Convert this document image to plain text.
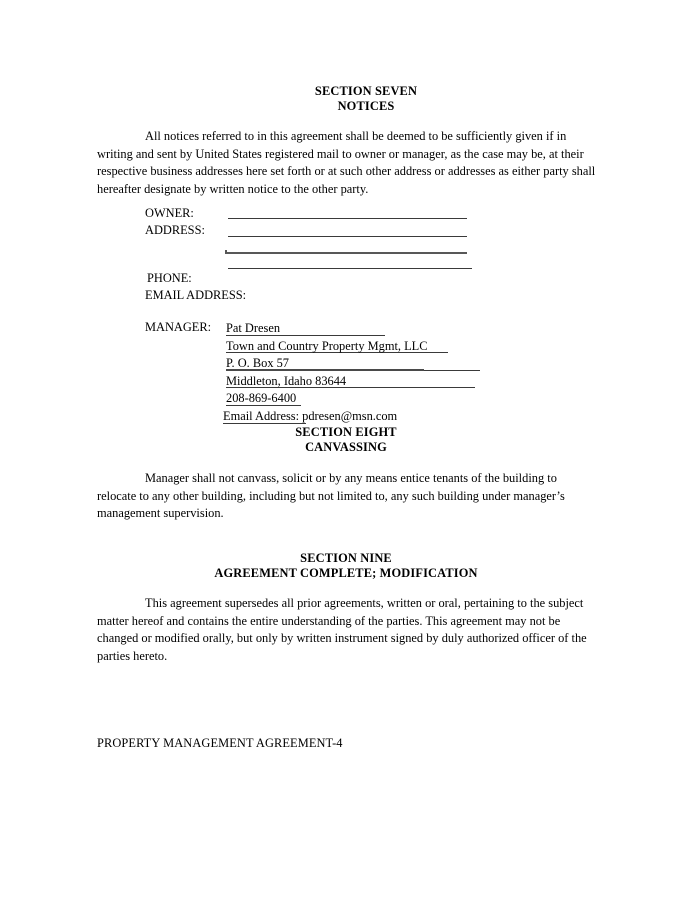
SECTION SEVEN
NOTICES

All notices referred to in this agreement shall be deemed to be sufficiently given if in writing and sent by United States registered mail to owner or manager, as the case may be, at their respective business addresses here set forth or at such other address or addresses as either party shall hereafter designate by written notice to the other party.

OWNER:
ADDRESS:
PHONE:
EMAIL ADDRESS:
MANAGER: Pat Dresen
Town and Country Property Mgmt, LLC
P. O. Box 57
Middleton, Idaho 83644
208-869-6400
Email Address: pdresen@msn.com
SECTION EIGHT
CANVASSING

Manager shall not canvass, solicit or by any means entice tenants of the building to relocate to any other building, including but not limited to, any such building under manager’s management supervision.

SECTION NINE
AGREEMENT COMPLETE; MODIFICATION

This agreement supersedes all prior agreements, written or oral, pertaining to the subject matter hereof and contains the entire understanding of the parties. This agreement may not be changed or modified orally, but only by written instrument signed by duly authorized officer of the parties hereto.

PROPERTY MANAGEMENT AGREEMENT-4
